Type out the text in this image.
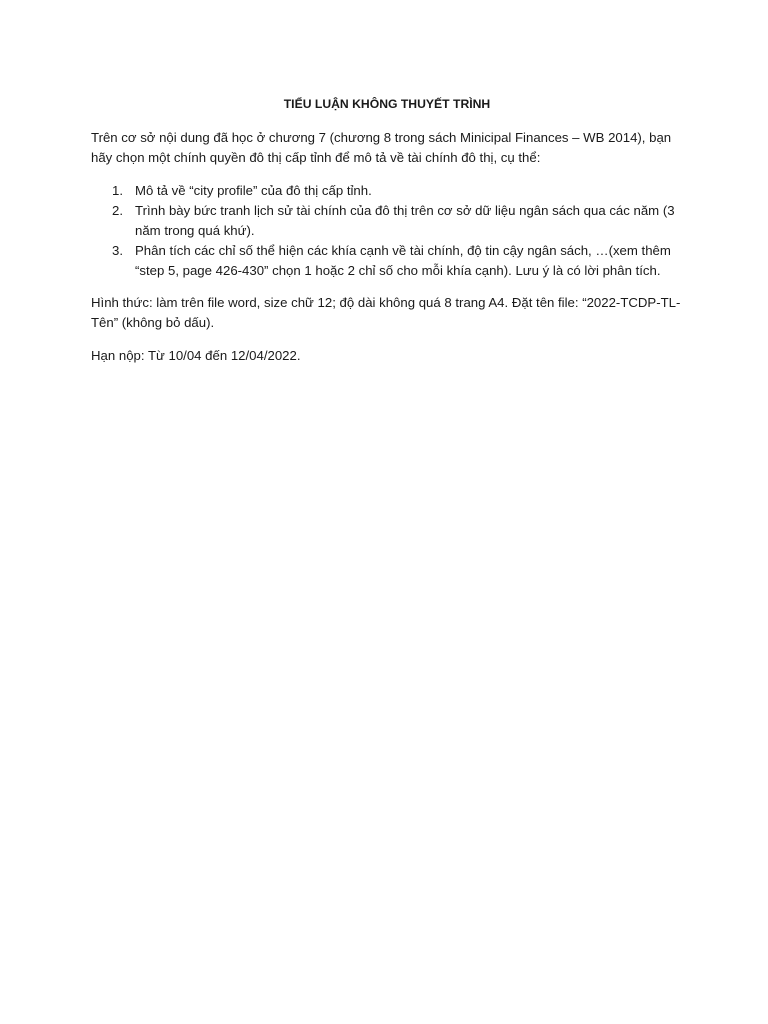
TIỂU LUẬN KHÔNG THUYẾT TRÌNH

Trên cơ sở nội dung đã học ở chương 7 (chương 8 trong sách Minicipal Finances – WB 2014), bạn hãy chọn một chính quyền đô thị cấp tỉnh để mô tả về tài chính đô thị, cụ thể:

1. Mô tả về “city profile” của đô thị cấp tỉnh.
2. Trình bày bức tranh lịch sử tài chính của đô thị trên cơ sở dữ liệu ngân sách qua các năm (3 năm trong quá khứ).
3. Phân tích các chỉ số thể hiện các khía cạnh về tài chính, độ tin cậy ngân sách, …(xem thêm “step 5, page 426-430” chọn 1 hoặc 2 chỉ số cho mỗi khía cạnh). Lưu ý là có lời phân tích.

Hình thức: làm trên file word, size chữ 12; độ dài không quá 8 trang A4. Đặt tên file: “2022-TCDP-TL-Tên” (không bỏ dấu).

Hạn nộp: Từ 10/04 đến 12/04/2022.
